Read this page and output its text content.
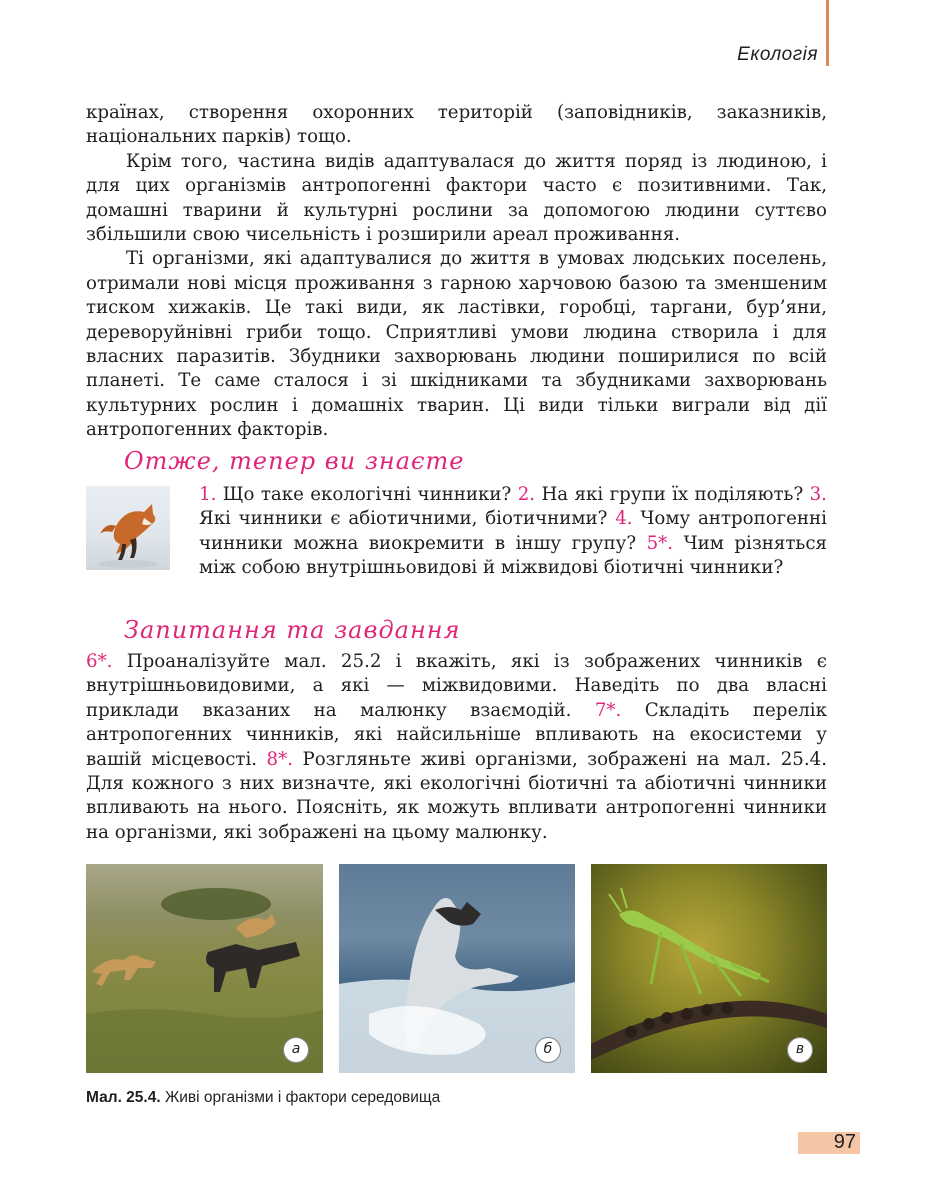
Екологія

країнах, створення охоронних територій (заповідників, заказників, національних парків) тощо.

Крім того, частина видів адаптувалася до життя поряд із людиною, і для цих організмів антропогенні фактори часто є позитивними. Так, домашні тварини й культурні рослини за допомогою людини суттєво збільшили свою чисельність і розширили ареал проживання.

Ті організми, які адаптувалися до життя в умовах людських поселень, отримали нові місця проживання з гарною харчовою базою та зменшеним тиском хижаків. Це такі види, як ластівки, горобці, таргани, бур’яни, дереворуйнівні гриби тощо. Сприятливі умови людина створила і для власних паразитів. Збудники захворювань людини поширилися по всій планеті. Те саме сталося і зі шкідниками та збудниками захворювань культурних рослин і домашніх тварин. Ці види тільки виграли від дії антропогенних факторів.

Отже, тепер ви знаєте

1. Що таке екологічні чинники? 2. На які групи їх поділяють? 3. Які чинники є абіотичними, біотичними? 4. Чому антропогенні чинники можна виокремити в іншу групу? 5*. Чим різняться між собою внутрішньовидові й міжвидові біотичні чинники?

Запитання та завдання

6*. Проаналізуйте мал. 25.2 і вкажіть, які із зображених чинників є внутрішньовидовими, а які — міжвидовими. Наведіть по два власні приклади вказаних на малюнку взаємодій. 7*. Складіть перелік антропогенних чинників, які найсильніше впливають на екосистеми у вашій місцевості. 8*. Розгляньте живі організми, зображені на мал. 25.4. Для кожного з них визначте, які екологічні біотичні та абіотичні чинники впливають на нього. Поясніть, як можуть впливати антропогенні чинники на організми, які зображені на цьому малюнку.

а	б	в
Мал. 25.4. Живі організми і фактори середовища
97
